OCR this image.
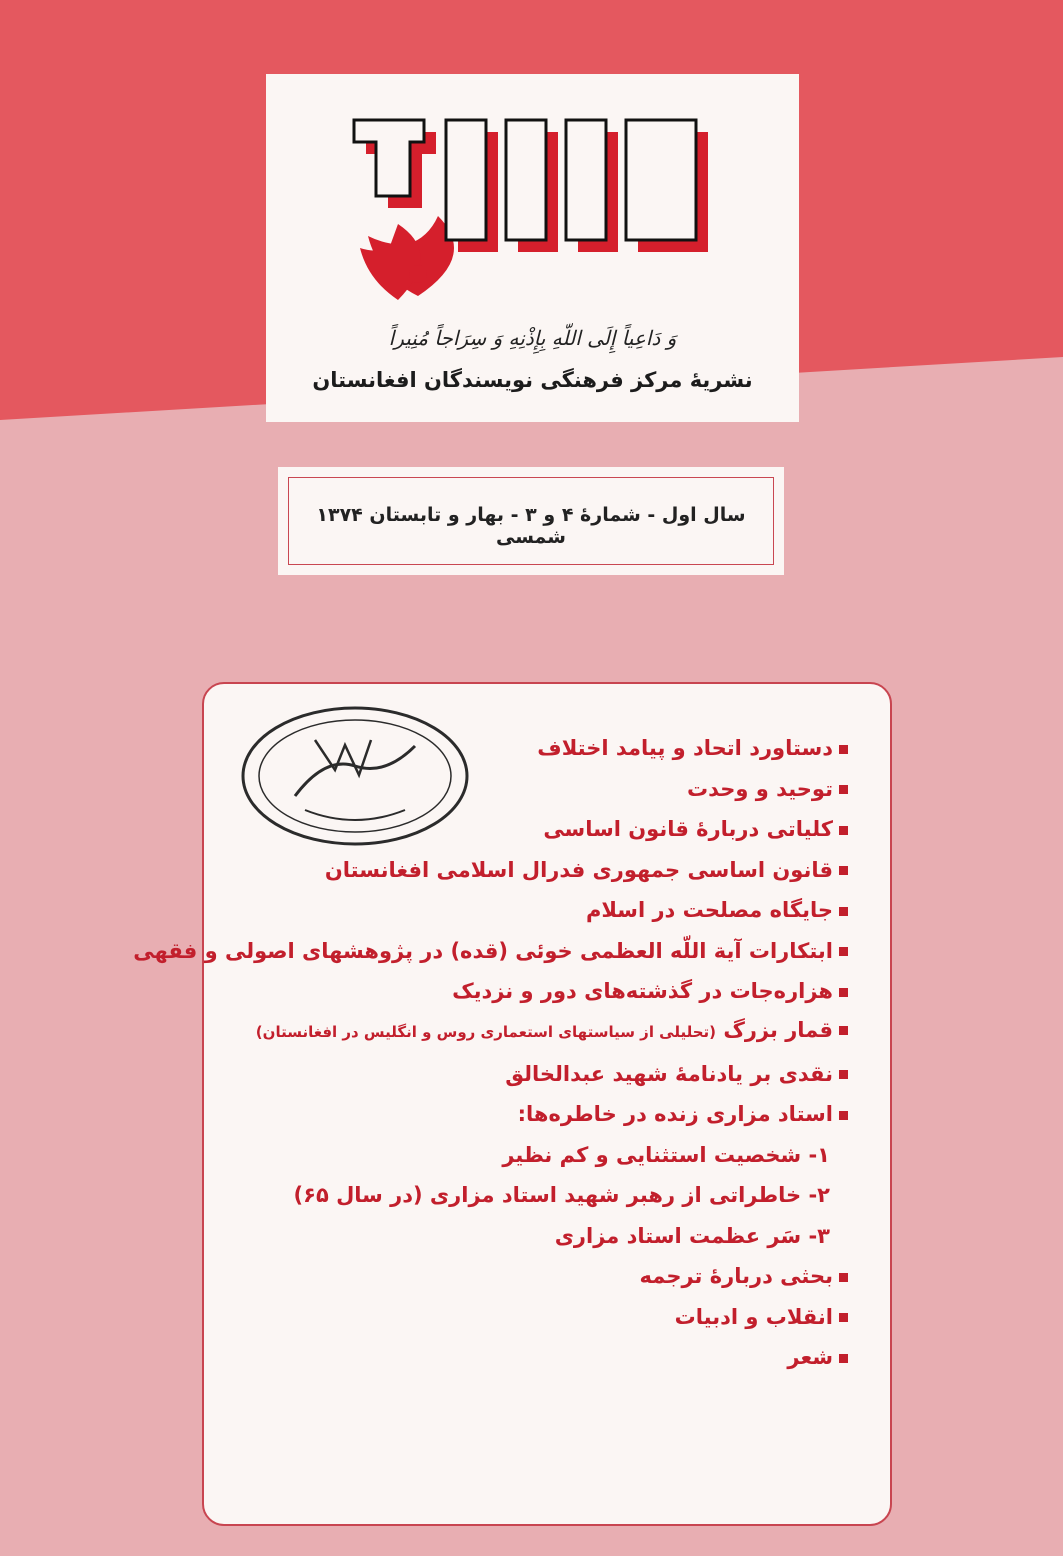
وَ دَاعِياً إِلَى اللّهِ بِإِذْنِهِ وَ سِرَاجاً مُنِيراً
نشريهٔ مرکز فرهنگی نويسندگان افغانستان
سال اول - شمارهٔ ۴ و ۳ - بهار و تابستان ۱۳۷۴ شمسی
دستاورد اتحاد و پيامد اختلاف
توحيد و وحدت
کلياتی دربارهٔ قانون اساسی
قانون اساسی جمهوری فدرال اسلامی افغانستان
جايگاه مصلحت در اسلام
ابتکارات آية اللّه العظمی خوئی (قده) در پژوهشهای اصولی و فقهی
هزاره‌جات در گذشته‌های دور و نزديک
قمار بزرگ (تحليلی از سياستهای استعماری روس و انگليس در افغانستان)
نقدی بر يادنامهٔ شهيد عبدالخالق
استاد مزاری زنده در خاطره‌ها:
۱- شخصيت استثنايی و کم نظير
۲- خاطراتی از رهبر شهيد استاد مزاری (در سال ۶۵)
۳- سَر عظمت استاد مزاری
بحثی دربارهٔ ترجمه
انقلاب و ادبيات
شعر
